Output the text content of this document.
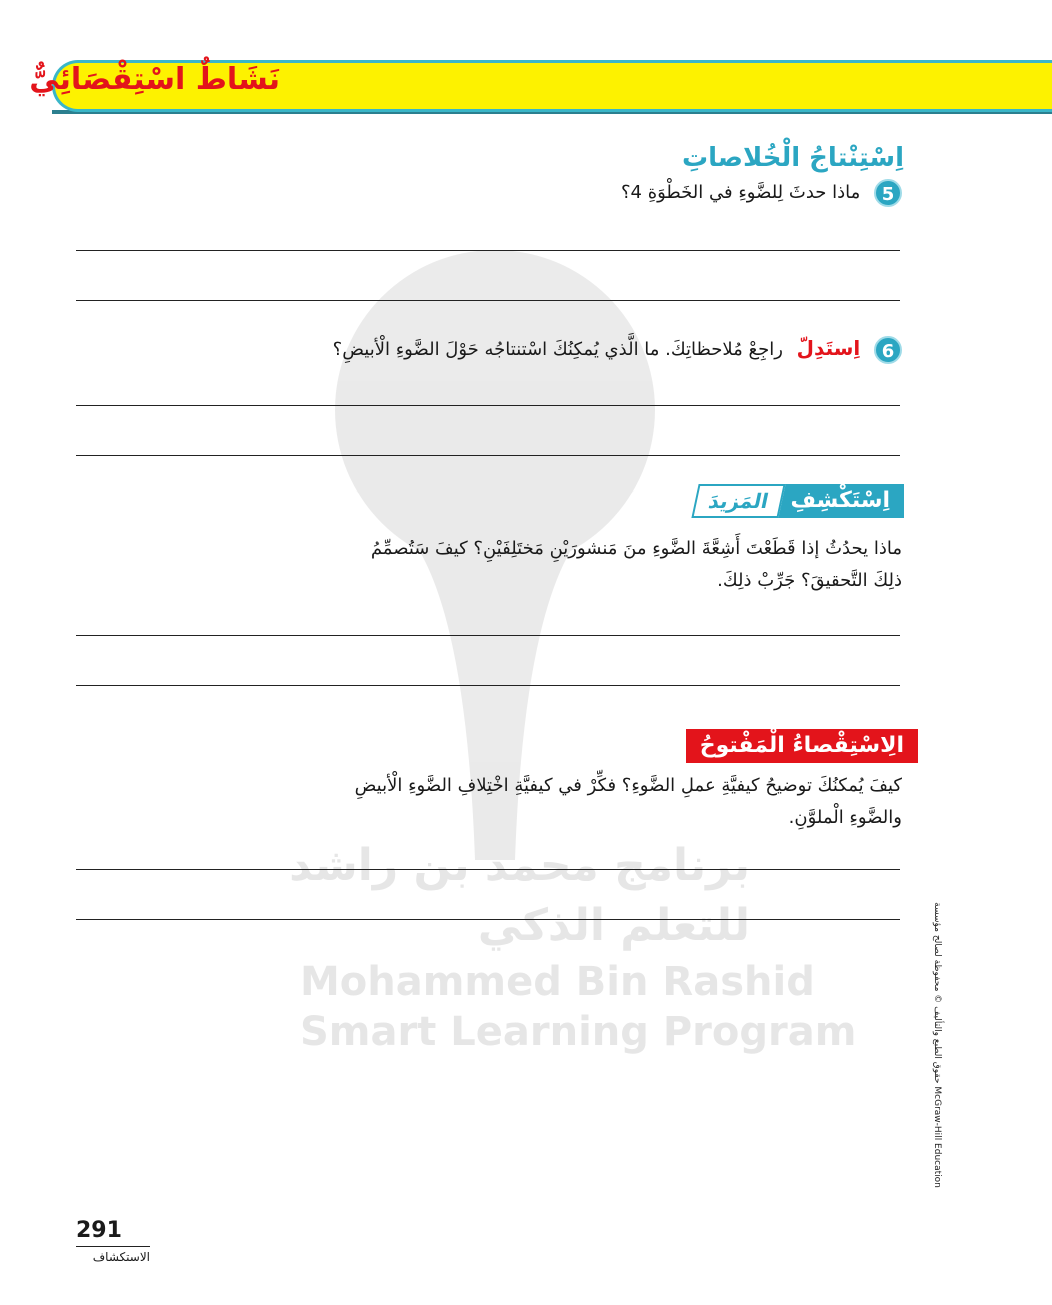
برنامج محمد بن راشد
للتعلم الذكي
Mohammed Bin Rashid
Smart Learning Program
نَشَاطٌ اسْتِقْصَائِيٌّ
اِسْتِنْتاجُ الْخُلاصاتِ
5 ماذا حدثَ لِلضَّوءِ في الخَطْوَةِ 4؟
6 اِستَدِلّ راجِعْ مُلاحظاتِكَ. ما الَّذي يُمكِنُكَ اسْتنتاجُه حَوْلَ الضَّوءِ الْأبيضِ؟
اِسْتَكْشِفِ
المَزيدَ
ماذا يحدُثُ إذا قَطَعْتَ أَشِعَّةَ الضَّوءِ منَ مَنشورَيْنِ مَختَلِفَيْنِ؟ كيفَ سَتُصمِّمُ
ذلِكَ التَّحقيقَ؟ جَرِّبْ ذلِكَ.
الِاسْتِقْصاءُ الْمَفْتوحُ
كيفَ يُمكنُكَ توضيحُ كيفيَّةِ عملِ الضَّوءِ؟ فكِّرْ في كيفيَّةِ اخْتِلافِ الضَّوءِ الْأبيضِ
والضَّوءِ الْملوَّنِ.
حقوق الطبع والتأليف © محفوظة لصالح مؤسسة McGraw-Hill Education
291
الاستكشاف
